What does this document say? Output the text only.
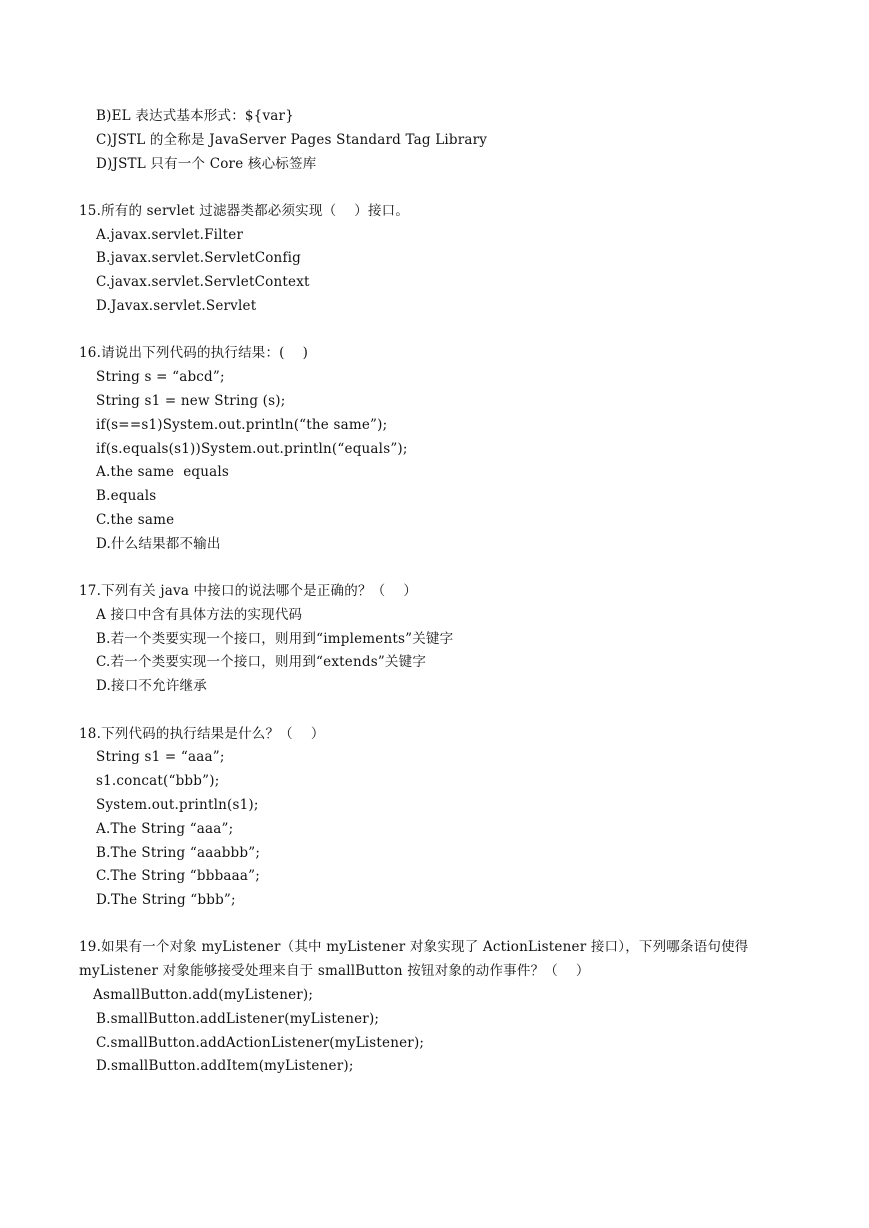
B)EL 表达式基本形式：${var}
C)JSTL 的全称是 JavaServer Pages Standard Tag Library
D)JSTL 只有一个 Core 核心标签库
15.所有的 servlet 过滤器类都必须实现（    ）接口。
A.javax.servlet.Filter
B.javax.servlet.ServletConfig
C.javax.servlet.ServletContext
D.Javax.servlet.Servlet
16.请说出下列代码的执行结果：(    )
String s = “abcd”;
String s1 = new String (s);
if(s==s1)System.out.println(“the same”);
if(s.equals(s1))System.out.println(“equals”);
A.the same  equals
B.equals
C.the same
D.什么结果都不输出
17.下列有关 java 中接口的说法哪个是正确的？（    ）
A 接口中含有具体方法的实现代码
B.若一个类要实现一个接口，则用到“implements”关键字
C.若一个类要实现一个接口，则用到“extends”关键字
D.接口不允许继承
18.下列代码的执行结果是什么？（    ）
String s1 = “aaa”;
s1.concat(“bbb”);
System.out.println(s1);
A.The String “aaa”;
B.The String “aaabbb”;
C.The String “bbbaaa”;
D.The String “bbb”;
19.如果有一个对象 myListener（其中 myListener 对象实现了 ActionListener 接口），下列哪条语句使得
myListener 对象能够接受处理来自于 smallButton 按钮对象的动作事件？（    ）
AsmallButton.add(myListener);
B.smallButton.addListener(myListener);
C.smallButton.addActionListener(myListener);
D.smallButton.addItem(myListener);
